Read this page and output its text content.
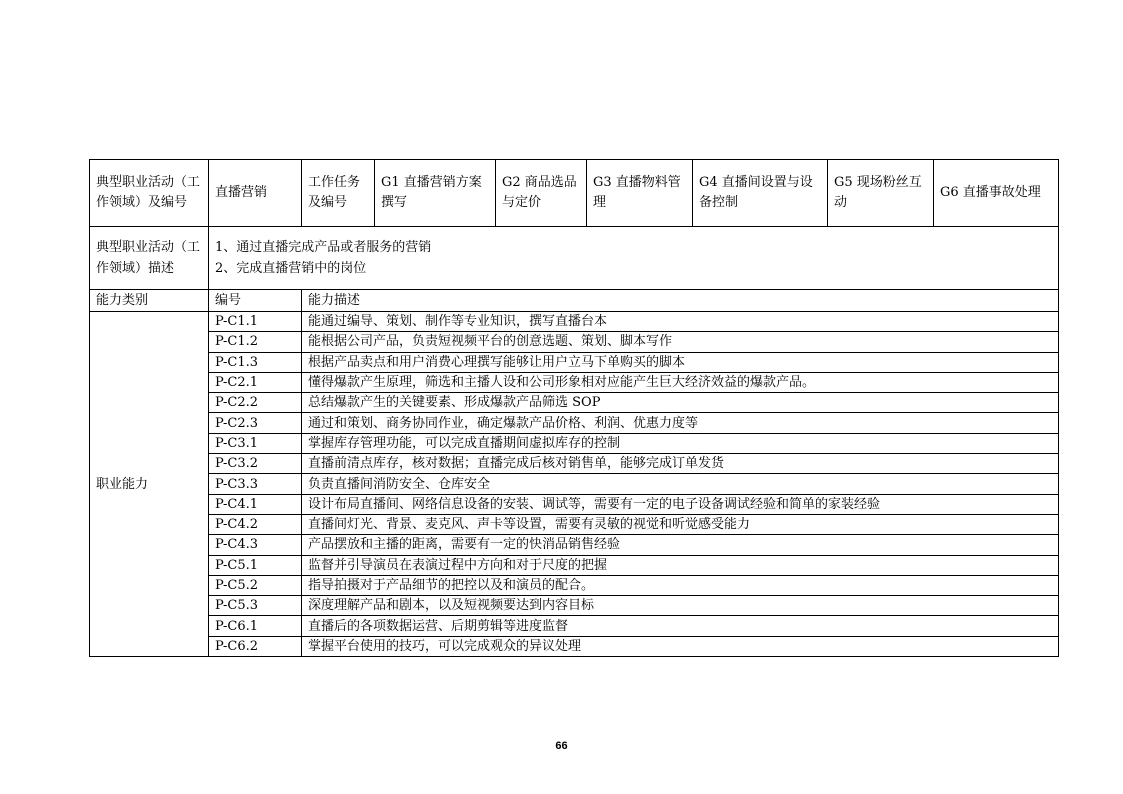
典型职业活动（工作领域）及编号	直播营销	工作任务及编号	G1 直播营销方案撰写	G2 商品选品与定价	G3 直播物料管理	G4 直播间设置与设备控制	G5 现场粉丝互动	G6 直播事故处理
典型职业活动（工作领域）描述	1、通过直播完成产品或者服务的营销
2、完成直播营销中的岗位							

能力类别	编号	能力描述						
职业能力	P-C1.1	能通过编导、策划、制作等专业知识，撰写直播台本						
	P-C1.2	能根据公司产品，负责短视频平台的创意选题、策划、脚本写作						
	P-C1.3	根据产品卖点和用户消费心理撰写能够让用户立马下单购买的脚本						
	P-C2.1	懂得爆款产生原理，筛选和主播人设和公司形象相对应能产生巨大经济效益的爆款产品。						
	P-C2.2	总结爆款产生的关键要素、形成爆款产品筛选 SOP						
	P-C2.3	通过和策划、商务协同作业，确定爆款产品价格、利润、优惠力度等						
	P-C3.1	掌握库存管理功能，可以完成直播期间虚拟库存的控制						
	P-C3.2	直播前清点库存，核对数据；直播完成后核对销售单，能够完成订单发货						
	P-C3.3	负责直播间消防安全、仓库安全						
	P-C4.1	设计布局直播间、网络信息设备的安装、调试等，需要有一定的电子设备调试经验和简单的家装经验						
	P-C4.2	直播间灯光、背景、麦克风、声卡等设置，需要有灵敏的视觉和听觉感受能力						
	P-C4.3	产品摆放和主播的距离，需要有一定的快消品销售经验						
	P-C5.1	监督并引导演员在表演过程中方向和对于尺度的把握						
	P-C5.2	指导拍摄对于产品细节的把控以及和演员的配合。						
	P-C5.3	深度理解产品和剧本，以及短视频要达到内容目标						
	P-C6.1	直播后的各项数据运营、后期剪辑等进度监督						
	P-C6.2	掌握平台使用的技巧，可以完成观众的异议处理						
66
